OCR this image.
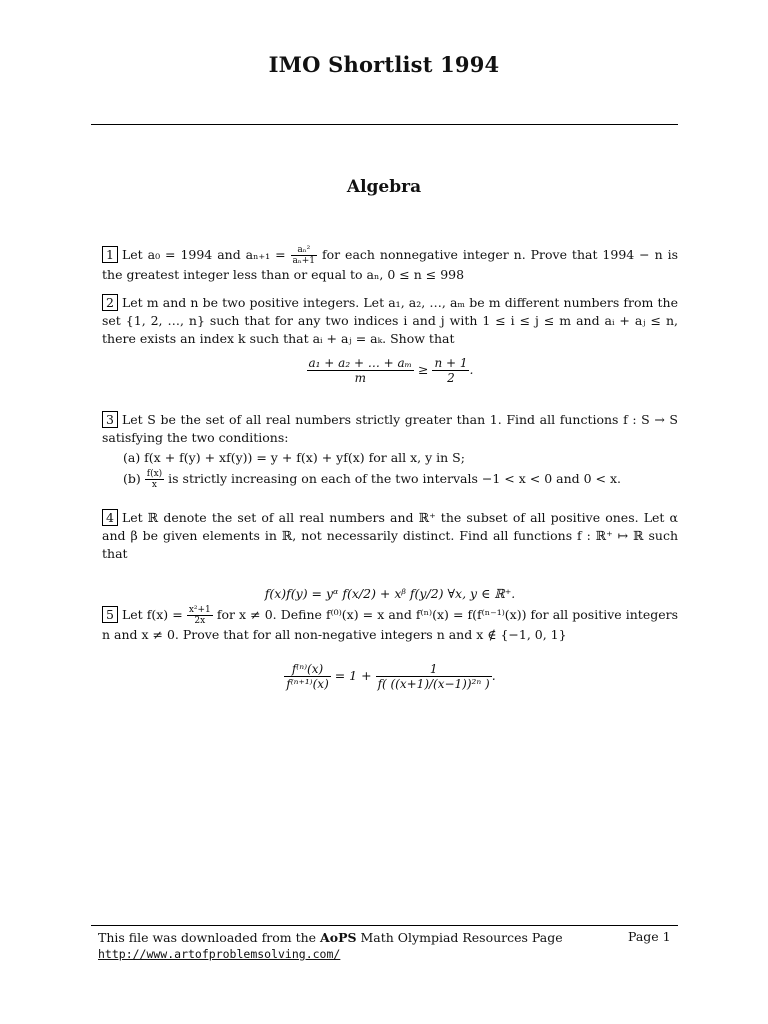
IMO Shortlist 1994
Algebra
1 Let a₀ = 1994 and $a_{n+1} = \frac{\text{aₙ²}}{\text{aₙ+1}}$ for each nonnegative integer n. Prove that 1994 − n is the greatest integer less than or equal to aₙ, 0 ≤ n ≤ 998
2 Let m and n be two positive integers. Let a₁, a₂, …, aₘ be m different numbers from the set {1, 2, …, n} such that for any two indices i and j with 1 ≤ i ≤ j ≤ m and aᵢ + aⱼ ≤ n, there exists an index k such that aᵢ + aⱼ = aₖ. Show that
$\frac{\text{a₁ + a₂ + … + aₘ}}{m} \ge \frac{n + 1}{2}$ .
3 Let S be the set of all real numbers strictly greater than 1. Find all functions f : S → S satisfying the two conditions:
(a) f(x + f(y) + xf(y)) = y + f(x) + yf(x) for all x, y in S;
$(b) \frac{f(x)}{x}$ is strictly increasing on each of the two intervals −1 < x < 0 and 0 < x.
4 Let ℝ denote the set of all real numbers and ℝ⁺ the subset of all positive ones. Let α and β be given elements in ℝ, not necessarily distinct. Find all functions f : ℝ⁺ ↦ ℝ such that
f(x)f(y) = yᵅ f(x/2) + xᵝ f(y/2) ∀x, y ∈ ℝ⁺.
5 Let $f(x) = \frac{\text{x²+1}}{2x}$ for x ≠ 0. Define f⁽⁰⁾(x) = x and f⁽ⁿ⁾(x) = f(f⁽ⁿ⁻¹⁾(x)) for all positive integers n and x ≠ 0. Prove that for all non-negative integers n and x ∉ {−1, 0, 1}
$\frac{\text{f⁽ⁿ⁾(x)}}{\text{f⁽ⁿ⁺¹⁾(x)}} = 1 + \frac{1}{\text{f( ((x+1)/(x−1))²ⁿ )}}$ .
This file was downloaded from the AoPS Math Olympiad Resources Page
http://www.artofproblemsolving.com/
Page 1
